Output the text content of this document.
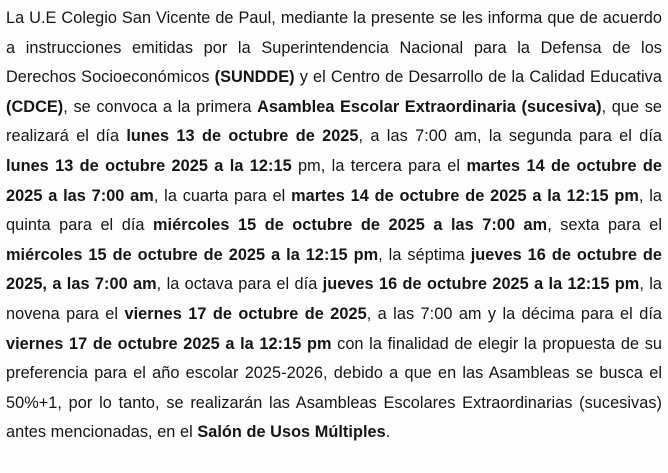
La U.E Colegio San Vicente de Paul, mediante la presente se les informa que de acuerdo a instrucciones emitidas por la Superintendencia Nacional para la Defensa de los Derechos Socioeconómicos (SUNDDE) y el Centro de Desarrollo de la Calidad Educativa (CDCE), se convoca a la primera Asamblea Escolar Extraordinaria (sucesiva), que se realizará el día lunes 13 de octubre de 2025, a las 7:00 am, la segunda para el día lunes 13 de octubre 2025 a la 12:15 pm, la tercera para el martes 14 de octubre de 2025 a las 7:00 am, la cuarta para el martes 14 de octubre de 2025 a la 12:15 pm, la quinta para el día miércoles 15 de octubre de 2025 a las 7:00 am, sexta para el miércoles 15 de octubre de 2025 a la 12:15 pm, la séptima jueves 16 de octubre de 2025, a las 7:00 am, la octava para el día jueves 16 de octubre 2025 a la 12:15 pm, la novena para el viernes 17 de octubre de 2025, a las 7:00 am y la décima para el día viernes 17 de octubre 2025 a la 12:15 pm con la finalidad de elegir la propuesta de su preferencia para el año escolar 2025-2026, debido a que en las Asambleas se busca el 50%+1, por lo tanto, se realizarán las Asambleas Escolares Extraordinarias (sucesivas) antes mencionadas, en el Salón de Usos Múltiples.
